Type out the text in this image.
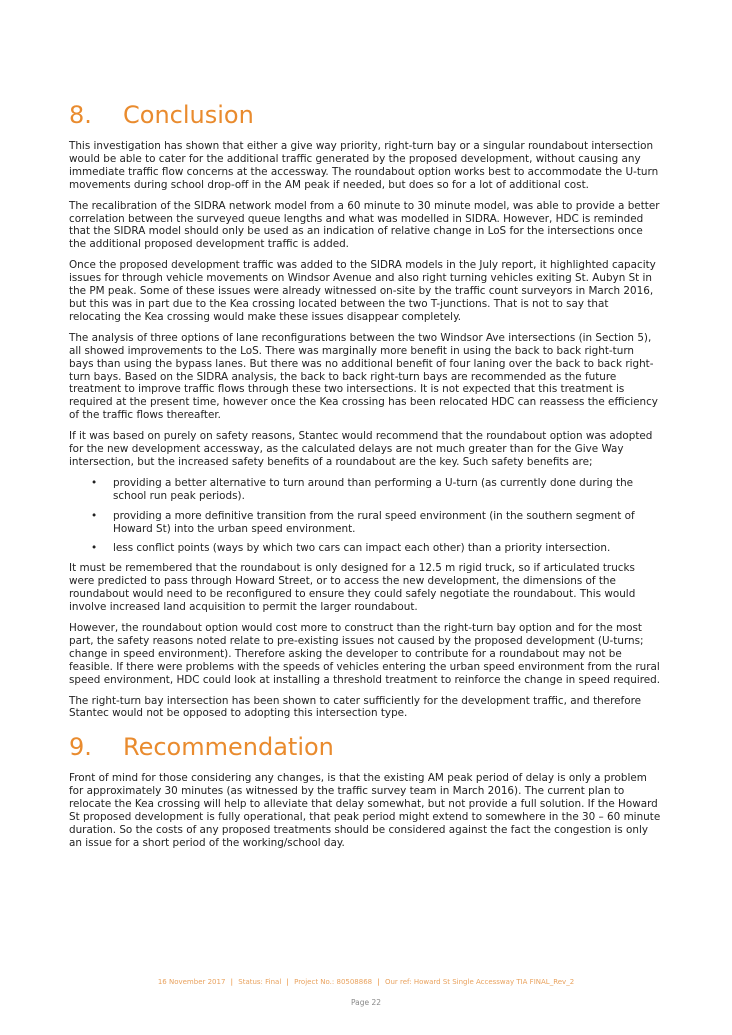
8.	Conclusion

This investigation has shown that either a give way priority, right-turn bay or a singular roundabout intersection would be able to cater for the additional traffic generated by the proposed development, without causing any immediate traffic flow concerns at the accessway. The roundabout option works best to accommodate the U-turn movements during school drop-off in the AM peak if needed, but does so for a lot of additional cost.

The recalibration of the SIDRA network model from a 60 minute to 30 minute model, was able to provide a better correlation between the surveyed queue lengths and what was modelled in SIDRA. However, HDC is reminded that the SIDRA model should only be used as an indication of relative change in LoS for the intersections once the additional proposed development traffic is added.

Once the proposed development traffic was added to the SIDRA models in the July report, it highlighted capacity issues for through vehicle movements on Windsor Avenue and also right turning vehicles exiting St. Aubyn St in the PM peak. Some of these issues were already witnessed on-site by the traffic count surveyors in March 2016, but this was in part due to the Kea crossing located between the two T-junctions. That is not to say that relocating the Kea crossing would make these issues disappear completely.

The analysis of three options of lane reconfigurations between the two Windsor Ave intersections (in Section 5), all showed improvements to the LoS. There was marginally more benefit in using the back to back right-turn bays than using the bypass lanes. But there was no additional benefit of four laning over the back to back right-turn bays. Based on the SIDRA analysis, the back to back right-turn bays are recommended as the future treatment to improve traffic flows through these two intersections. It is not expected that this treatment is required at the present time, however once the Kea crossing has been relocated HDC can reassess the efficiency of the traffic flows thereafter.

If it was based on purely on safety reasons, Stantec would recommend that the roundabout option was adopted for the new development accessway, as the calculated delays are not much greater than for the Give Way intersection, but the increased safety benefits of a roundabout are the key. Such safety benefits are;

• providing a better alternative to turn around than performing a U-turn (as currently done during the school run peak periods).
• providing a more definitive transition from the rural speed environment (in the southern segment of Howard St) into the urban speed environment.
• less conflict points (ways by which two cars can impact each other) than a priority intersection.

It must be remembered that the roundabout is only designed for a 12.5 m rigid truck, so if articulated trucks were predicted to pass through Howard Street, or to access the new development, the dimensions of the roundabout would need to be reconfigured to ensure they could safely negotiate the roundabout. This would involve increased land acquisition to permit the larger roundabout.

However, the roundabout option would cost more to construct than the right-turn bay option and for the most part, the safety reasons noted relate to pre-existing issues not caused by the proposed development (U-turns; change in speed environment). Therefore asking the developer to contribute for a roundabout may not be feasible. If there were problems with the speeds of vehicles entering the urban speed environment from the rural speed environment, HDC could look at installing a threshold treatment to reinforce the change in speed required.

The right-turn bay intersection has been shown to cater sufficiently for the development traffic, and therefore Stantec would not be opposed to adopting this intersection type.

9.	Recommendation

Front of mind for those considering any changes, is that the existing AM peak period of delay is only a problem for approximately 30 minutes (as witnessed by the traffic survey team in March 2016). The current plan to relocate the Kea crossing will help to alleviate that delay somewhat, but not provide a full solution. If the Howard St proposed development is fully operational, that peak period might extend to somewhere in the 30 – 60 minute duration. So the costs of any proposed treatments should be considered against the fact the congestion is only an issue for a short period of the working/school day.

16 November 2017 | Status: Final | Project No.: 80508868 | Our ref: Howard St Single Accessway TIA FINAL_Rev_2
Page 22
